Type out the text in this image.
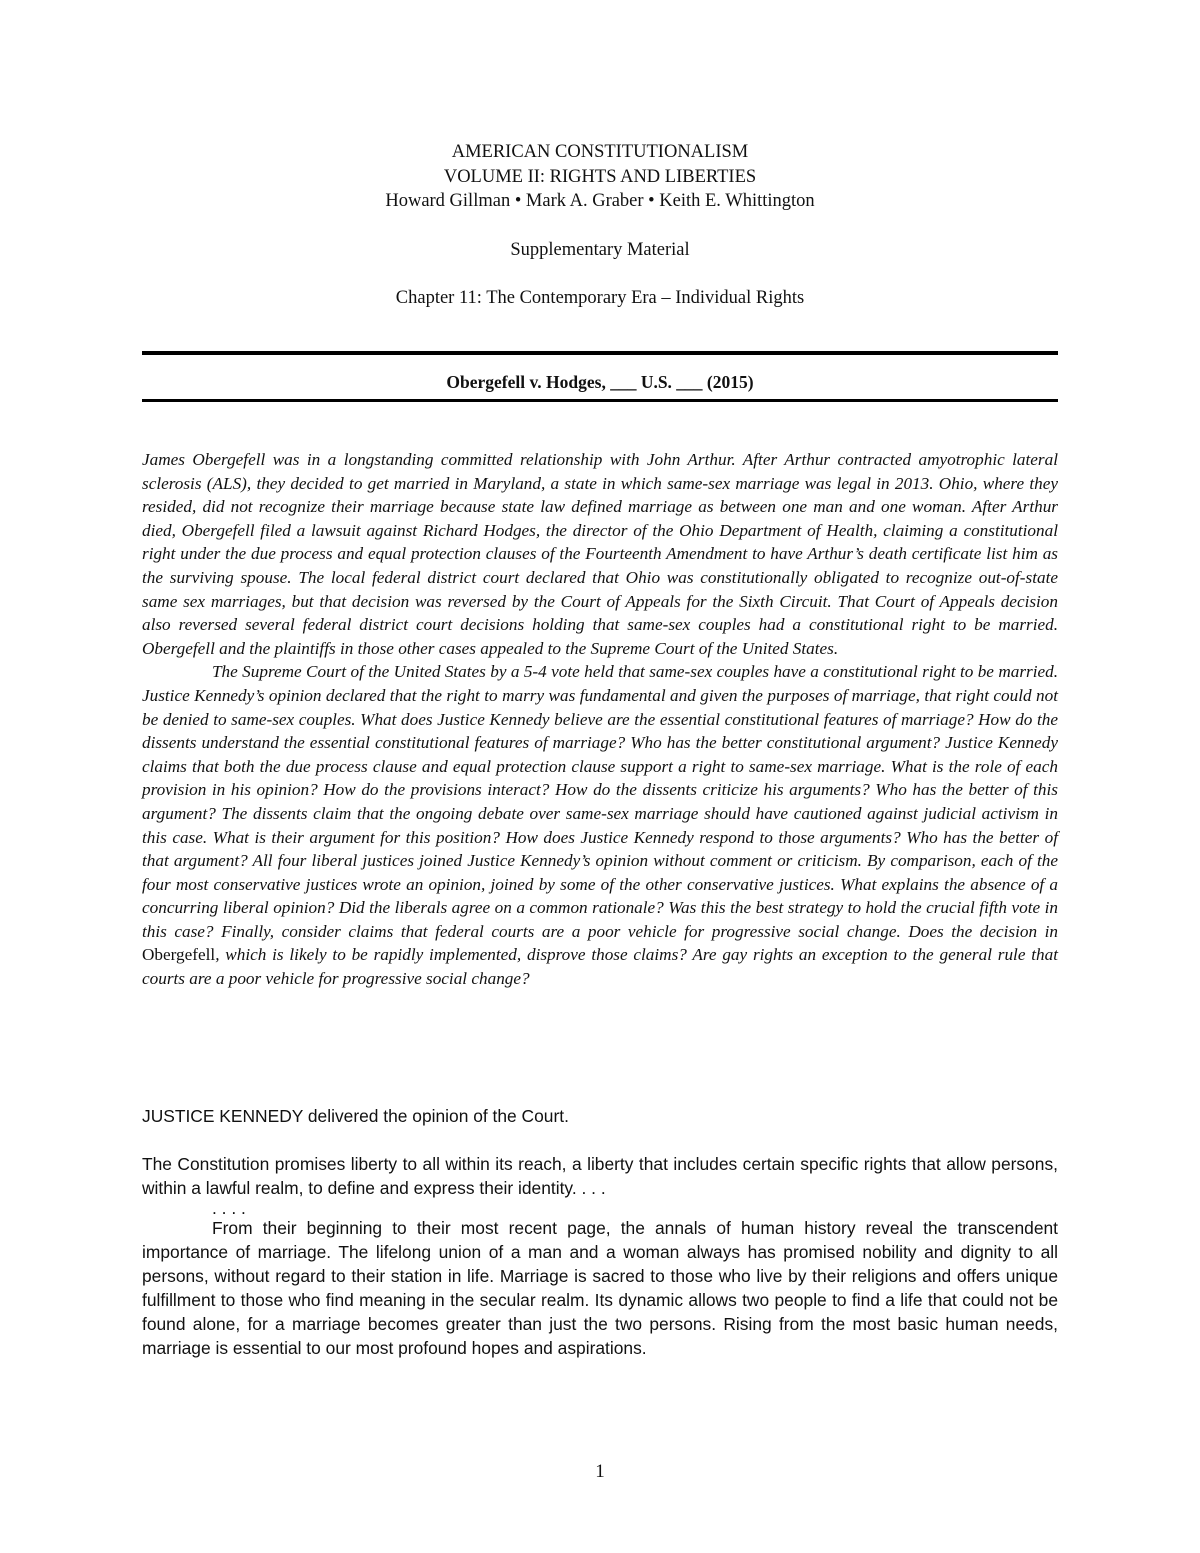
AMERICAN CONSTITUTIONALISM
VOLUME II: RIGHTS AND LIBERTIES
Howard Gillman • Mark A. Graber • Keith E. Whittington
Supplementary Material
Chapter 11: The Contemporary Era – Individual Rights
Obergefell v. Hodges, ___ U.S. ___ (2015)

James Obergefell was in a longstanding committed relationship with John Arthur. After Arthur contracted amyotrophic lateral sclerosis (ALS), they decided to get married in Maryland, a state in which same-sex marriage was legal in 2013. Ohio, where they resided, did not recognize their marriage because state law defined marriage as between one man and one woman. After Arthur died, Obergefell filed a lawsuit against Richard Hodges, the director of the Ohio Department of Health, claiming a constitutional right under the due process and equal protection clauses of the Fourteenth Amendment to have Arthur’s death certificate list him as the surviving spouse. The local federal district court declared that Ohio was constitutionally obligated to recognize out-of-state same sex marriages, but that decision was reversed by the Court of Appeals for the Sixth Circuit. That Court of Appeals decision also reversed several federal district court decisions holding that same-sex couples had a constitutional right to be married. Obergefell and the plaintiffs in those other cases appealed to the Supreme Court of the United States.

The Supreme Court of the United States by a 5-4 vote held that same-sex couples have a constitutional right to be married. Justice Kennedy’s opinion declared that the right to marry was fundamental and given the purposes of marriage, that right could not be denied to same-sex couples. What does Justice Kennedy believe are the essential constitutional features of marriage? How do the dissents understand the essential constitutional features of marriage? Who has the better constitutional argument? Justice Kennedy claims that both the due process clause and equal protection clause support a right to same-sex marriage. What is the role of each provision in his opinion? How do the provisions interact? How do the dissents criticize his arguments? Who has the better of this argument? The dissents claim that the ongoing debate over same-sex marriage should have cautioned against judicial activism in this case. What is their argument for this position? How does Justice Kennedy respond to those arguments? Who has the better of that argument? All four liberal justices joined Justice Kennedy’s opinion without comment or criticism. By comparison, each of the four most conservative justices wrote an opinion, joined by some of the other conservative justices. What explains the absence of a concurring liberal opinion? Did the liberals agree on a common rationale? Was this the best strategy to hold the crucial fifth vote in this case? Finally, consider claims that federal courts are a poor vehicle for progressive social change. Does the decision in Obergefell, which is likely to be rapidly implemented, disprove those claims? Are gay rights an exception to the general rule that courts are a poor vehicle for progressive social change?

JUSTICE KENNEDY delivered the opinion of the Court.

The Constitution promises liberty to all within its reach, a liberty that includes certain specific rights that allow persons, within a lawful realm, to define and express their identity. . . .

. . . .

From their beginning to their most recent page, the annals of human history reveal the transcendent importance of marriage. The lifelong union of a man and a woman always has promised nobility and dignity to all persons, without regard to their station in life. Marriage is sacred to those who live by their religions and offers unique fulfillment to those who find meaning in the secular realm. Its dynamic allows two people to find a life that could not be found alone, for a marriage becomes greater than just the two persons. Rising from the most basic human needs, marriage is essential to our most profound hopes and aspirations.

1
